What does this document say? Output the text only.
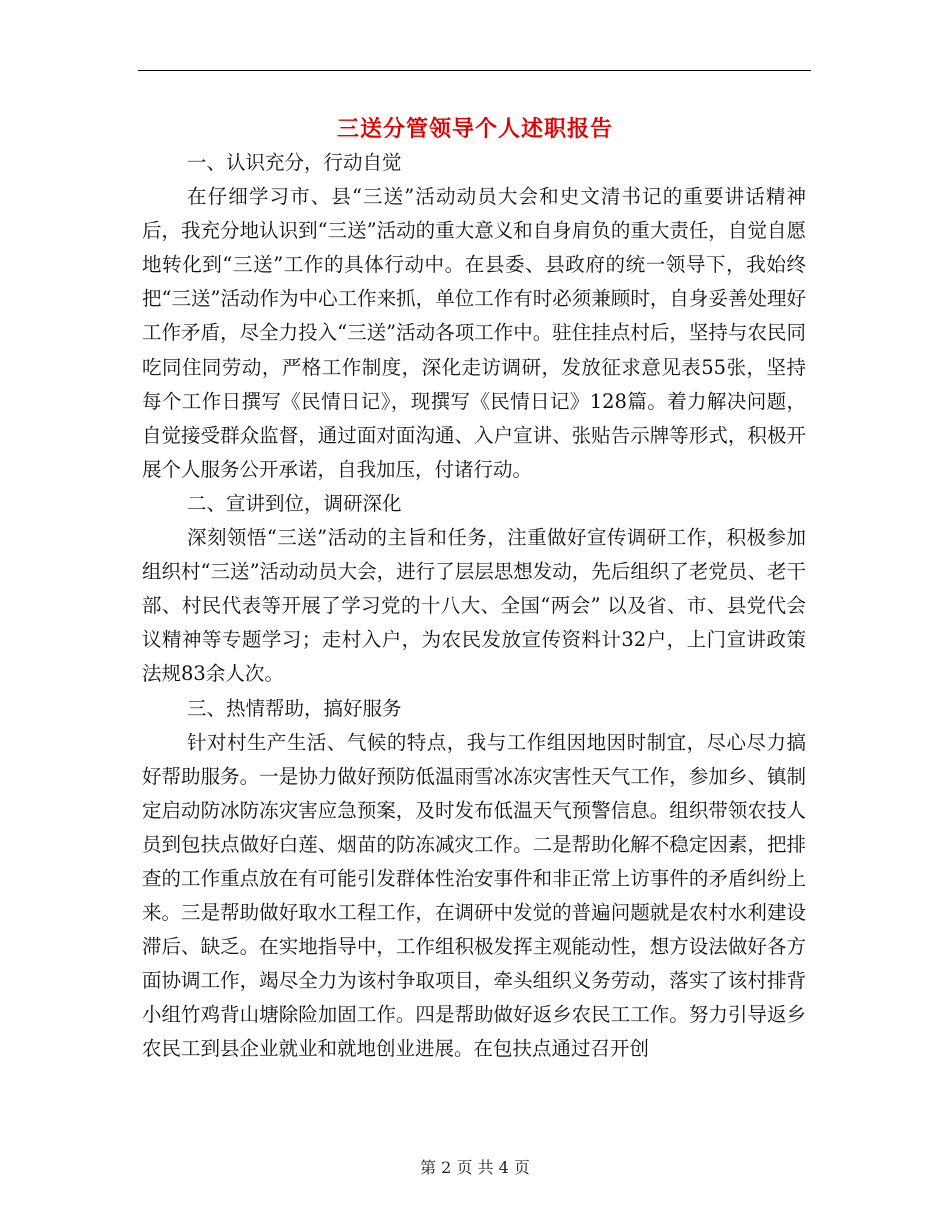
三送分管领导个人述职报告

一、认识充分，行动自觉

在仔细学习市、县“三送”活动动员大会和史文清书记的重要讲话精神后，我充分地认识到“三送”活动的重大意义和自身肩负的重大责任，自觉自愿地转化到“三送”工作的具体行动中。在县委、县政府的统一领导下，我始终把“三送”活动作为中心工作来抓，单位工作有时必须兼顾时，自身妥善处理好工作矛盾，尽全力投入“三送”活动各项工作中。驻住挂点村后，坚持与农民同吃同住同劳动，严格工作制度，深化走访调研，发放征求意见表55张，坚持每个工作日撰写《民情日记》，现撰写《民情日记》128篇。着力解决问题，自觉接受群众监督，通过面对面沟通、入户宣讲、张贴告示牌等形式，积极开展个人服务公开承诺，自我加压，付诸行动。

二、宣讲到位，调研深化

深刻领悟“三送”活动的主旨和任务，注重做好宣传调研工作，积极参加组织村“三送”活动动员大会，进行了层层思想发动，先后组织了老党员、老干部、村民代表等开展了学习党的十八大、全国“两会” 以及省、市、县党代会议精神等专题学习；走村入户，为农民发放宣传资料计32户，上门宣讲政策法规83余人次。

三、热情帮助，搞好服务

针对村生产生活、气候的特点，我与工作组因地因时制宜，尽心尽力搞好帮助服务。一是协力做好预防低温雨雪冰冻灾害性天气工作，参加乡、镇制定启动防冰防冻灾害应急预案，及时发布低温天气预警信息。组织带领农技人员到包扶点做好白莲、烟苗的防冻减灾工作。二是帮助化解不稳定因素，把排查的工作重点放在有可能引发群体性治安事件和非正常上访事件的矛盾纠纷上来。三是帮助做好取水工程工作，在调研中发觉的普遍问题就是农村水利建设滞后、缺乏。在实地指导中，工作组积极发挥主观能动性，想方设法做好各方面协调工作，竭尽全力为该村争取项目，牵头组织义务劳动，落实了该村排背小组竹鸡背山塘除险加固工作。四是帮助做好返乡农民工工作。努力引导返乡农民工到县企业就业和就地创业进展。在包扶点通过召开创

第 2 页 共 4 页
